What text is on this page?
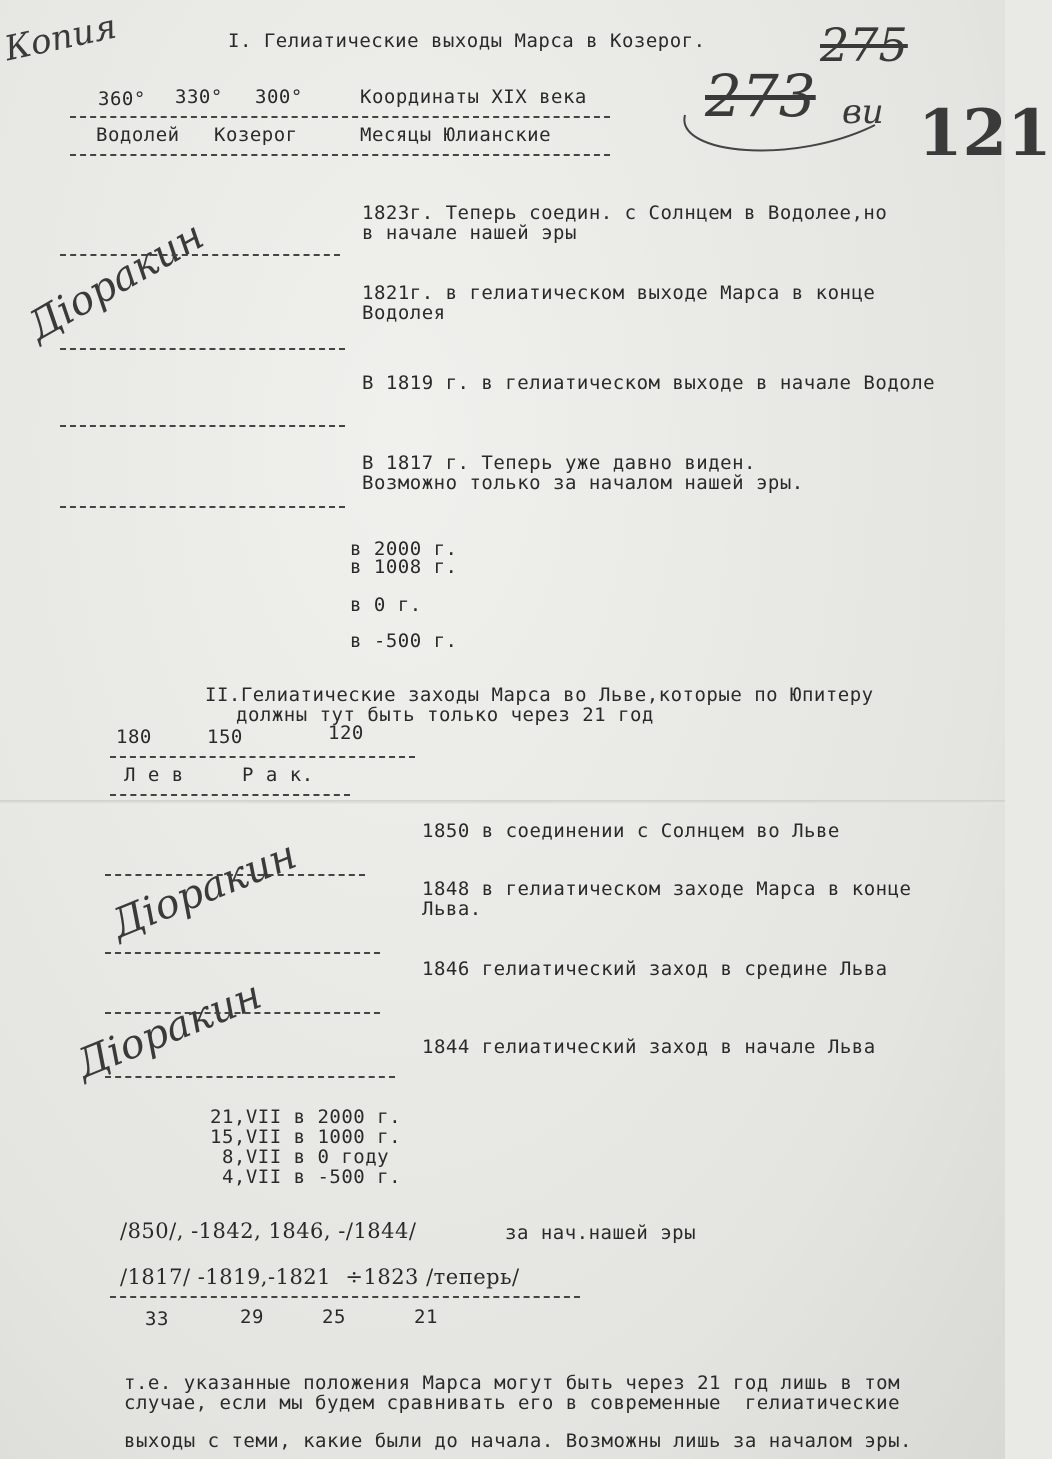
Копия	275
273 ви 121
Дiоракин
Дiоракин
Дiоракин
I. Гелиатические выходы Марса в Козерог.
360° 330° 300°	Координаты XIX века
Водолей Козерог	Месяцы Юлианские
1823г. Теперь соедин. с Солнцем в Водолее,но
в начале нашей эры
1821г. в гелиатическом выходе Марса в конце
Водолея
В 1819 г. в гелиатическом выходе в начале Водоле
В 1817 г. Теперь уже давно виден.
Возможно только за началом нашей эры.
в 2000 г.
в 1008 г.
в 0 г.
в -500 г.
II.Гелиатические заходы Марса во Льве,которые по Юпитеру
должны тут быть только через 21 год
180	150	120
Л е в	Р а к.
1850 в соединении с Солнцем во Льве
1848 в гелиатическом заходе Марса в конце
Льва.
1846 гелиатический заход в средине Льва
1844 гелиатический заход в начале Льва
21,VII в 2000 г.
15,VII в 1000 г.
8,VII в 0 году
4,VII в -500 г.
/850/, -1842, 1846, -/1844/	за нач.нашей эры
/1817/ -1819,-1821  ÷1823 /теперь/
33	29	25	21
т.е. указанные положения Марса могут быть через 21 год лишь в том
случае, если мы будем сравнивать его в современные  гелиатические
выходы с теми, какие были до начала. Возможны лишь за началом эры.
